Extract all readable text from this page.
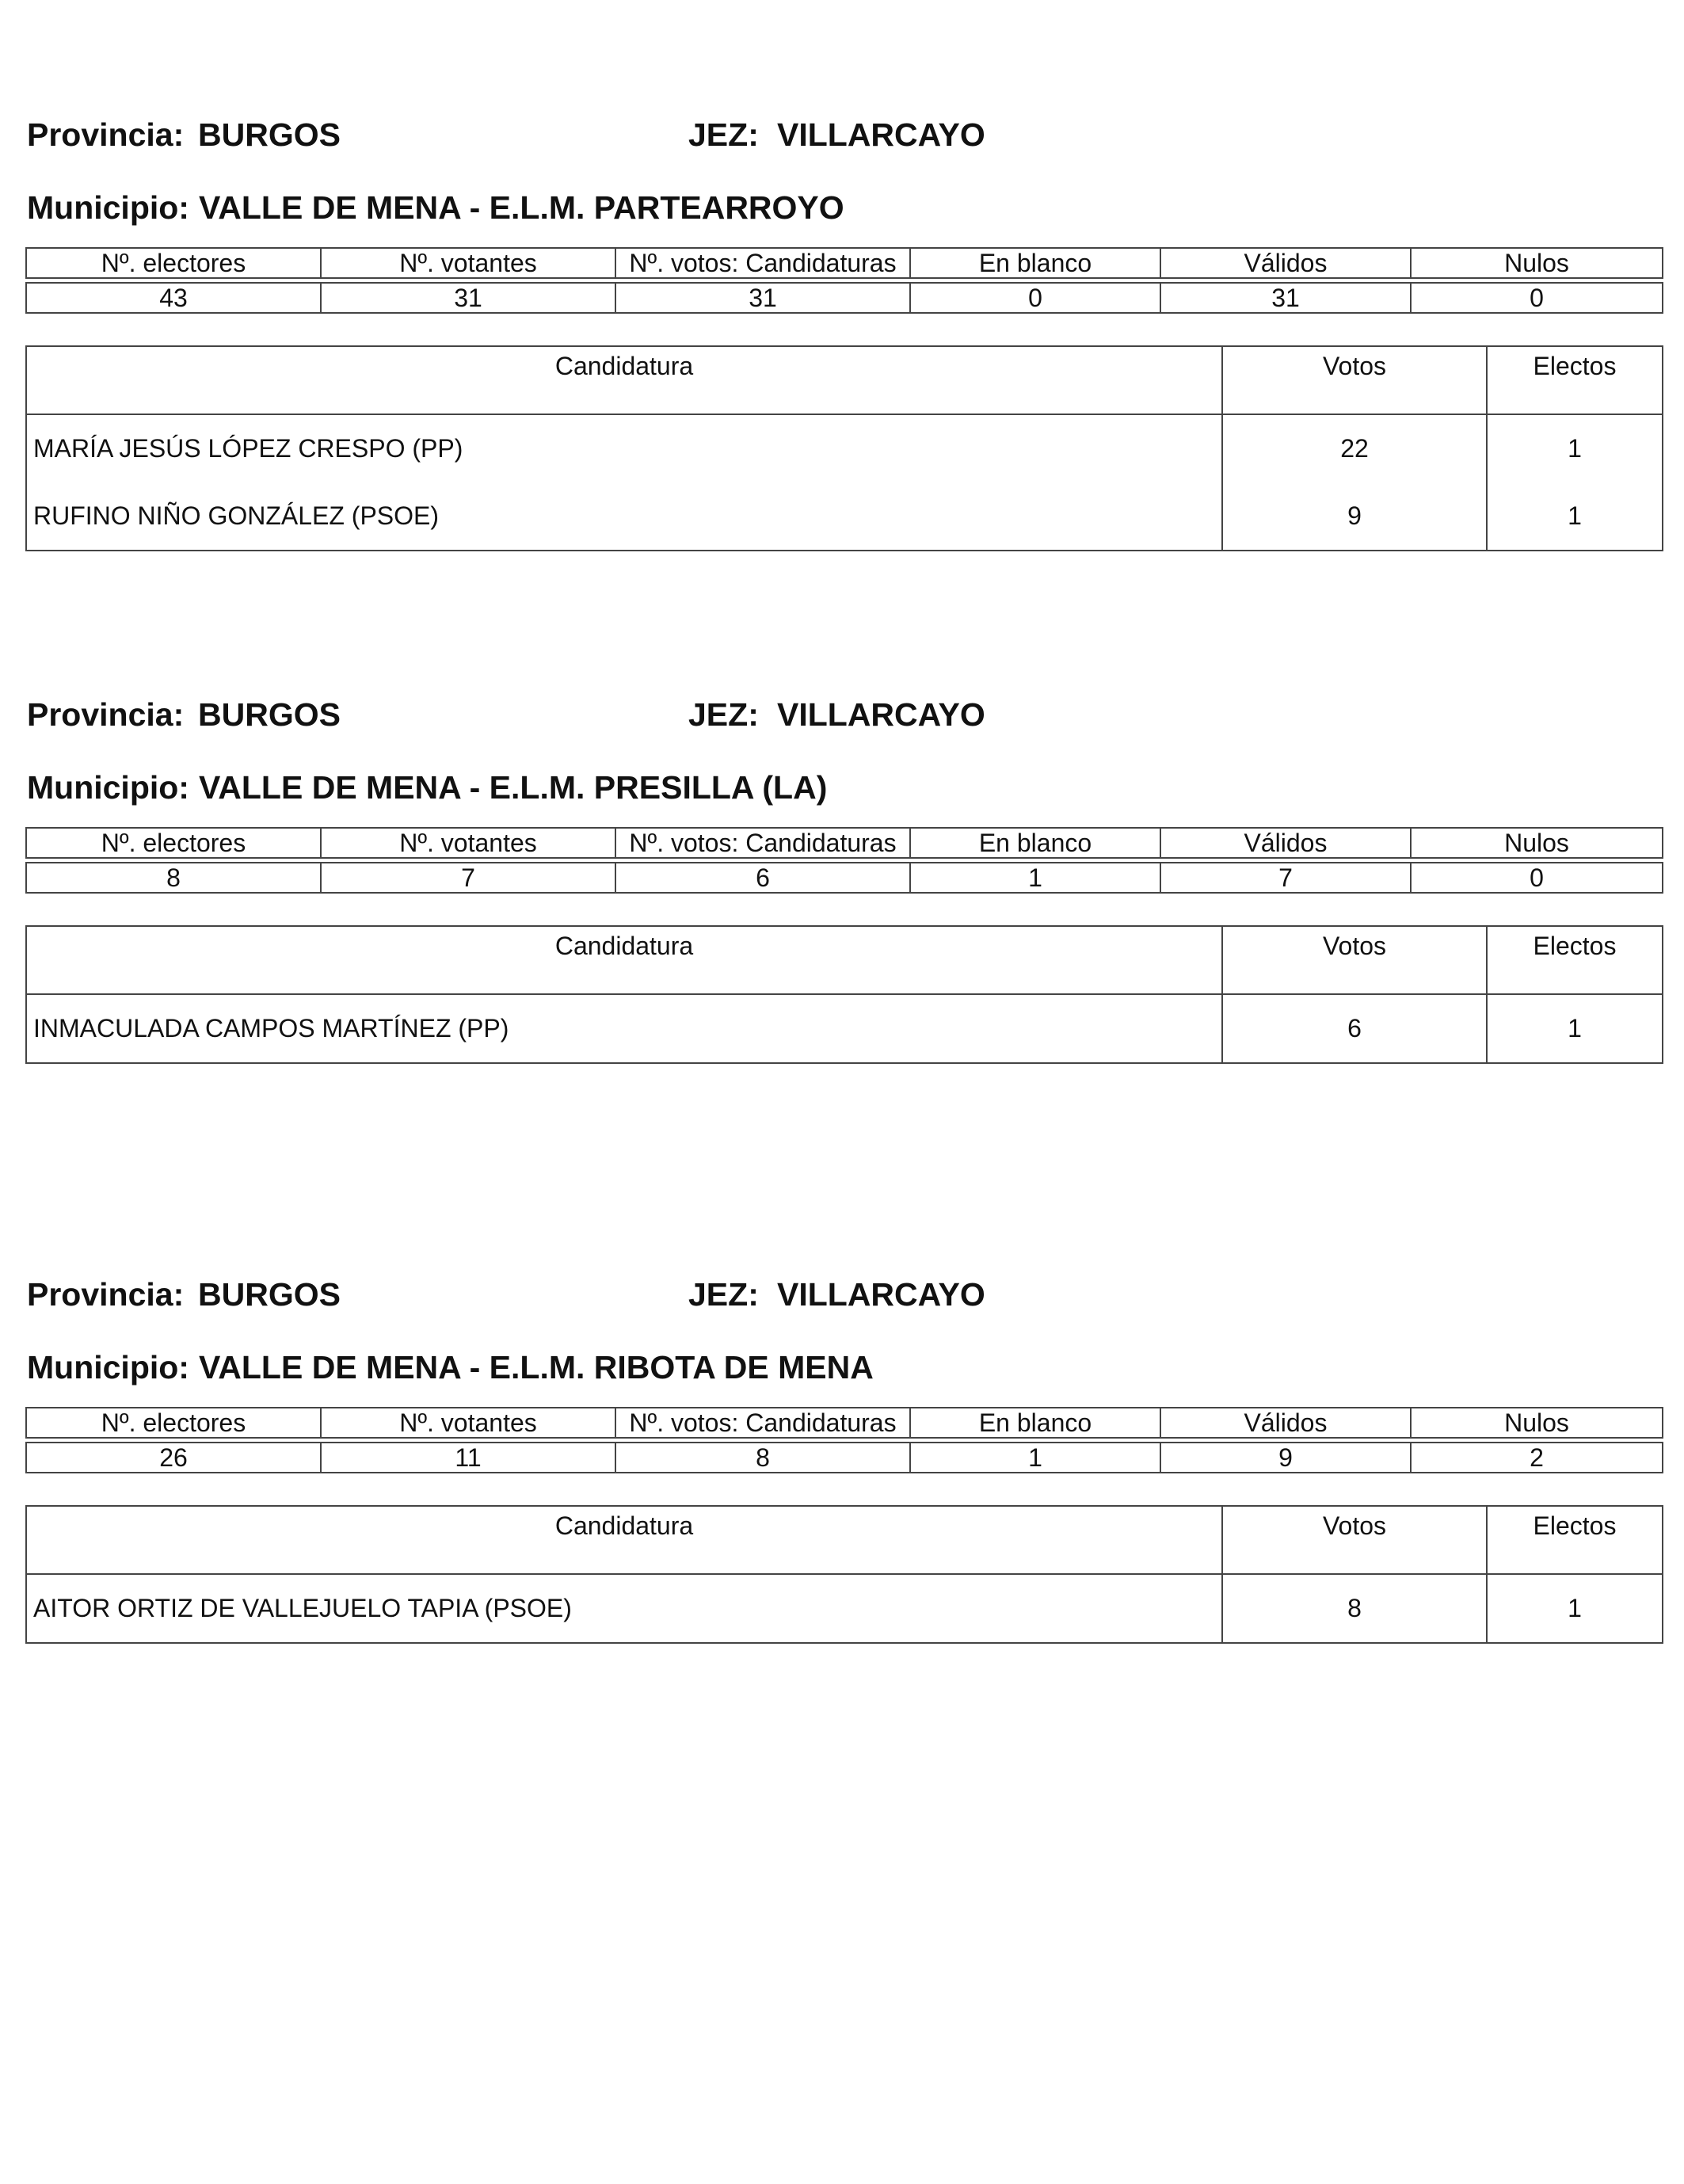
Provincia: BURGOS	JEZ: VILLARCAYO
Municipio: VALLE DE MENA - E.L.M. PARTEARROYO
Nº. electores	Nº. votantes	Nº. votos: Candidaturas	En blanco	Válidos	Nulos

43	31	31	0	31	0
Candidatura	Votos	Electos
MARÍA JESÚS LÓPEZ CRESPO (PP)	22	1
RUFINO NIÑO GONZÁLEZ (PSOE)	9	1
Provincia: BURGOS	JEZ: VILLARCAYO
Municipio: VALLE DE MENA - E.L.M. PRESILLA (LA)
Nº. electores	Nº. votantes	Nº. votos: Candidaturas	En blanco	Válidos	Nulos

8	7	6	1	7	0
Candidatura	Votos	Electos
INMACULADA CAMPOS MARTÍNEZ (PP)	6	1
Provincia: BURGOS	JEZ: VILLARCAYO
Municipio: VALLE DE MENA - E.L.M. RIBOTA DE MENA
Nº. electores	Nº. votantes	Nº. votos: Candidaturas	En blanco	Válidos	Nulos

26	11	8	1	9	2
Candidatura	Votos	Electos
AITOR ORTIZ DE VALLEJUELO TAPIA (PSOE)	8	1
